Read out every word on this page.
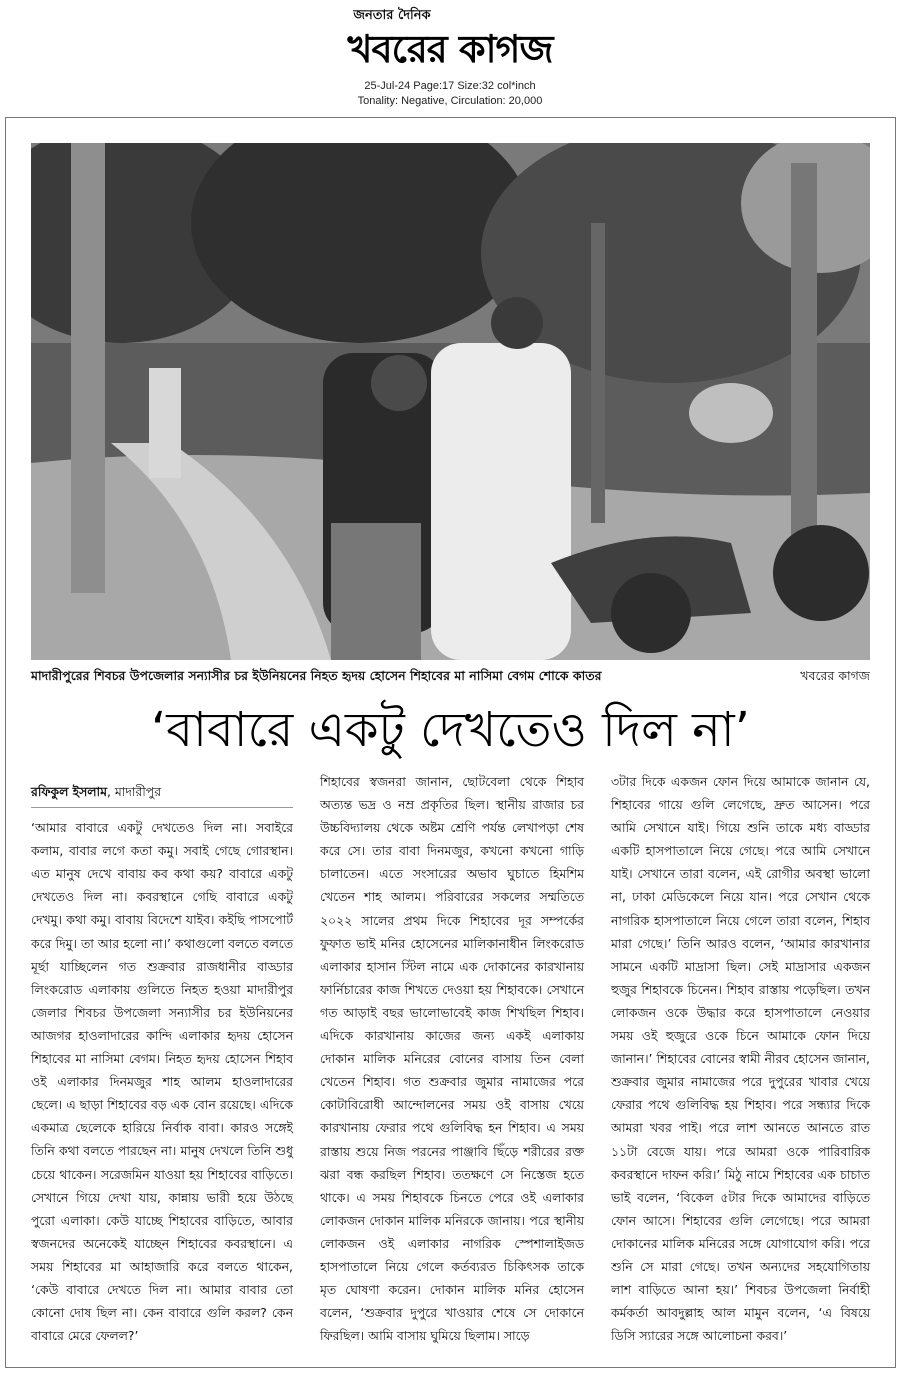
জনতার দৈনিক
খবরের কাগজ
25-Jul-24 Page:17 Size:32 col*inch
Tonality: Negative, Circulation: 20,000
মাদারীপুরের শিবচর উপজেলার সন্যাসীর চর ইউনিয়নের নিহত হৃদয় হোসেন শিহাবের মা নাসিমা বেগম শোকে কাতর	খবরের কাগজ
‘বাবারে একটু দেখতেও দিল না’
রফিকুল ইসলাম, মাদারীপুর

‘আমার বাবারে একটু দেখতেও দিল না। সবাইরে কলাম, বাবার লগে কতা কমু। সবাই গেছে গোরস্থান। এত মানুষ দেখে বাবায় কব কথা কয়? বাবারে একটু দেখতেও দিল না। কবরস্থানে গেছি বাবারে একটু দেখমু। কথা কমু। বাবায় বিদেশে যাইব। কইছি পাসপোর্ট করে দিমু। তা আর হলো না।’ কথাগুলো বলতে বলতে মূর্ছা যাচ্ছিলেন গত শুক্রবার রাজধানীর বাড্ডার লিংকরোড এলাকায় গুলিতে নিহত হওয়া মাদারীপুর জেলার শিবচর উপজেলা সন্যাসীর চর ইউনিয়নের আজগর হাওলাদারের কান্দি এলাকার হৃদয় হোসেন শিহাবের মা নাসিমা বেগম। নিহত হৃদয় হোসেন শিহাব ওই এলাকার দিনমজুর শাহ আলম হাওলাদারের ছেলে। এ ছাড়া শিহাবের বড় এক বোন রয়েছে। এদিকে একমাত্র ছেলেকে হারিয়ে নির্বাক বাবা। কারও সঙ্গেই তিনি কথা বলতে পারছেন না। মানুষ দেখলে তিনি শুধু চেয়ে থাকেন। সরেজমিন যাওয়া হয় শিহাবের বাড়িতে। সেখানে গিয়ে দেখা যায়, কান্নায় ভারী হয়ে উঠছে পুরো এলাকা। কেউ যাচ্ছে শিহাবের বাড়িতে, আবার স্বজনদের অনেকেই যাচ্ছেন শিহাবের কবরস্থানে। এ সময় শিহাবের মা আহাজারি করে বলতে থাকেন, ‘কেউ বাবারে দেখতে দিল না। আমার বাবার তো কোনো দোষ ছিল না। কেন বাবারে গুলি করল? কেন বাবারে মেরে ফেলল?’

শিহাবের স্বজনরা জানান, ছোটবেলা থেকে শিহাব অত্যন্ত ভদ্র ও নম্র প্রকৃতির ছিল। স্থানীয় রাজার চর উচ্চবিদ্যালয় থেকে অষ্টম শ্রেণি পর্যন্ত লেখাপড়া শেষ করে সে। তার বাবা দিনমজুর, কখনো কখনো গাড়ি চালাতেন। এতে সংসারের অভাব ঘুচাতে হিমশিম খেতেন শাহ আলম। পরিবারের সকলের সম্মতিতে ২০২২ সালের প্রথম দিকে শিহাবের দূর সম্পর্কের ফুফাত ভাই মনির হোসেনের মালিকানাধীন লিংকরোড এলাকার হাসান স্টিল নামে এক দোকানের কারখানায় ফার্নিচারের কাজ শিখতে দেওয়া হয় শিহাবকে। সেখানে গত আড়াই বছর ভালোভাবেই কাজ শিখছিল শিহাব। এদিকে কারখানায় কাজের জন্য একই এলাকায় দোকান মালিক মনিরের বোনের বাসায় তিন বেলা খেতেন শিহাব। গত শুক্রবার জুমার নামাজের পরে কোটাবিরোধী আন্দোলনের সময় ওই বাসায় খেয়ে কারখানায় ফেরার পথে গুলিবিদ্ধ হন শিহাব। এ সময় রাস্তায় শুয়ে নিজ পরনের পাঞ্জাবি ছিঁড়ে শরীরের রক্ত ঝরা বন্ধ করছিল শিহাব। ততক্ষণে সে নিস্তেজ হতে থাকে। এ সময় শিহাবকে চিনতে পেরে ওই এলাকার লোকজন দোকান মালিক মনিরকে জানায়। পরে স্থানীয় লোকজন ওই এলাকার নাগরিক স্পেশালাইজড হাসপাতালে নিয়ে গেলে কর্তব্যরত চিকিৎসক তাকে মৃত ঘোষণা করেন। দোকান মালিক মনির হোসেন বলেন, ‘শুক্রবার দুপুরে খাওয়ার শেষে সে দোকানে ফিরছিল। আমি বাসায় ঘুমিয়ে ছিলাম। সাড়ে

৩টার দিকে একজন ফোন দিয়ে আমাকে জানান যে, শিহাবের গায়ে গুলি লেগেছে, দ্রুত আসেন। পরে আমি সেখানে যাই। গিয়ে শুনি তাকে মধ্য বাড্ডার একটি হাসপাতালে নিয়ে গেছে। পরে আমি সেখানে যাই। সেখানে তারা বলেন, এই রোগীর অবস্থা ভালো না, ঢাকা মেডিকেলে নিয়ে যান। পরে সেখান থেকে নাগরিক হাসপাতালে নিয়ে গেলে তারা বলেন, শিহাব মারা গেছে।’ তিনি আরও বলেন, ‘আমার কারখানার সামনে একটি মাদ্রাসা ছিল। সেই মাদ্রাসার একজন হুজুর শিহাবকে চিনেন। শিহাব রাস্তায় পড়েছিল। তখন লোকজন ওকে উদ্ধার করে হাসপাতালে নেওয়ার সময় ওই হুজুরে ওকে চিনে আমাকে ফোন দিয়ে জানান।’ শিহাবের বোনের স্বামী নীরব হোসেন জানান, শুক্রবার জুমার নামাজের পরে দুপুরের খাবার খেয়ে ফেরার পথে গুলিবিদ্ধ হয় শিহাব। পরে সন্ধ্যার দিকে আমরা খবর পাই। পরে লাশ আনতে আনতে রাত ১১টা বেজে যায়। পরে আমরা ওকে পারিবারিক কবরস্থানে দাফন করি।’ মিঠু নামে শিহাবের এক চাচাত ভাই বলেন, ‘বিকেল ৫টার দিকে আমাদের বাড়িতে ফোন আসে। শিহাবের গুলি লেগেছে। পরে আমরা দোকানের মালিক মনিরের সঙ্গে যোগাযোগ করি। পরে শুনি সে মারা গেছে। তখন অন্যদের সহযোগিতায় লাশ বাড়িতে আনা হয়।’ শিবচর উপজেলা নির্বাহী কর্মকর্তা আবদুল্লাহ আল মামুন বলেন, ‘এ বিষয়ে ডিসি স্যারের সঙ্গে আলোচনা করব।’
